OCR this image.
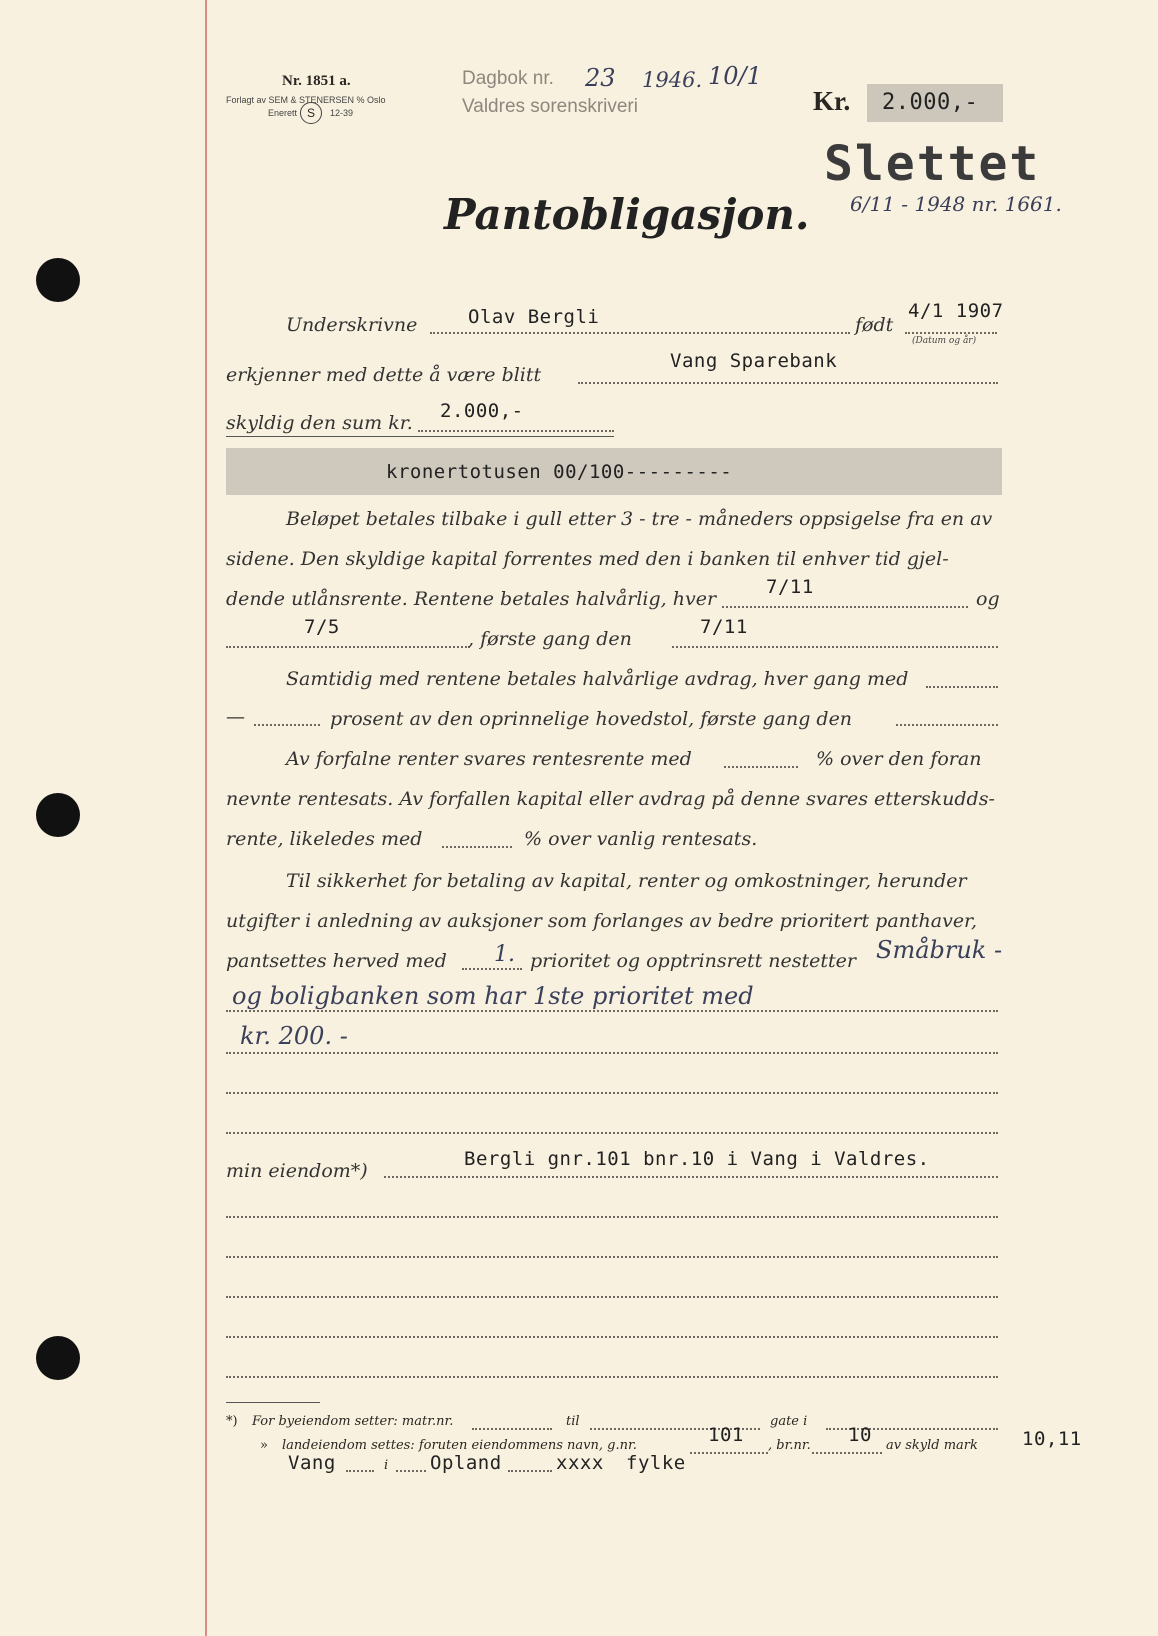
Nr. 1851 a.
Forlagt av SEM & STENERSEN % Oslo
Enerett S	12-39
Dagbok nr. 23 1946. 10/1
Valdres sorenskriveri	Kr. 2.000,-
Slettet
6/11 - 1948 nr. 1661.
Pantobligasjon.
Underskrivne	Olav Bergli	født
4/1 1907
(Datum og år)
erkjenner med dette å være blitt
Vang Sparebank
skyldig den sum kr.
2.000,-
kronertotusen 00/100---------
Beløpet betales tilbake i gull etter 3 - tre - måneders oppsigelse fra en av
sidene. Den skyldige kapital forrentes med den i banken til enhver tid gjel-
dende utlånsrente. Rentene betales halvårlig, hver
7/11
og
7/5
, første gang den
7/11
Samtidig med rentene betales halvårlige avdrag, hver gang med
—	prosent av den oprinnelige hovedstol, første gang den
Av forfalne renter svares rentesrente med	% over den foran
nevnte rentesats. Av forfallen kapital eller avdrag på denne svares etterskudds-
rente, likeledes med	% over vanlig rentesats.
Til sikkerhet for betaling av kapital, renter og omkostninger, herunder
utgifter i anledning av auksjoner som forlanges av bedre prioritert panthaver,
pantsettes herved med 1. prioritet og opptrinsrett nestetter Småbruk -
og boligbanken som har 1ste prioritet med
kr. 200. -
min eiendom*)
Bergli gnr.101 bnr.10 i Vang i Valdres.
*) For byeiendom setter: matr.nr.	til	gate i
» landeiendom settes: foruten eiendommens navn, g.nr.	101 , br.nr. 10 av skyld mark 10,11
Vang	i Opland	xxxx fylke
